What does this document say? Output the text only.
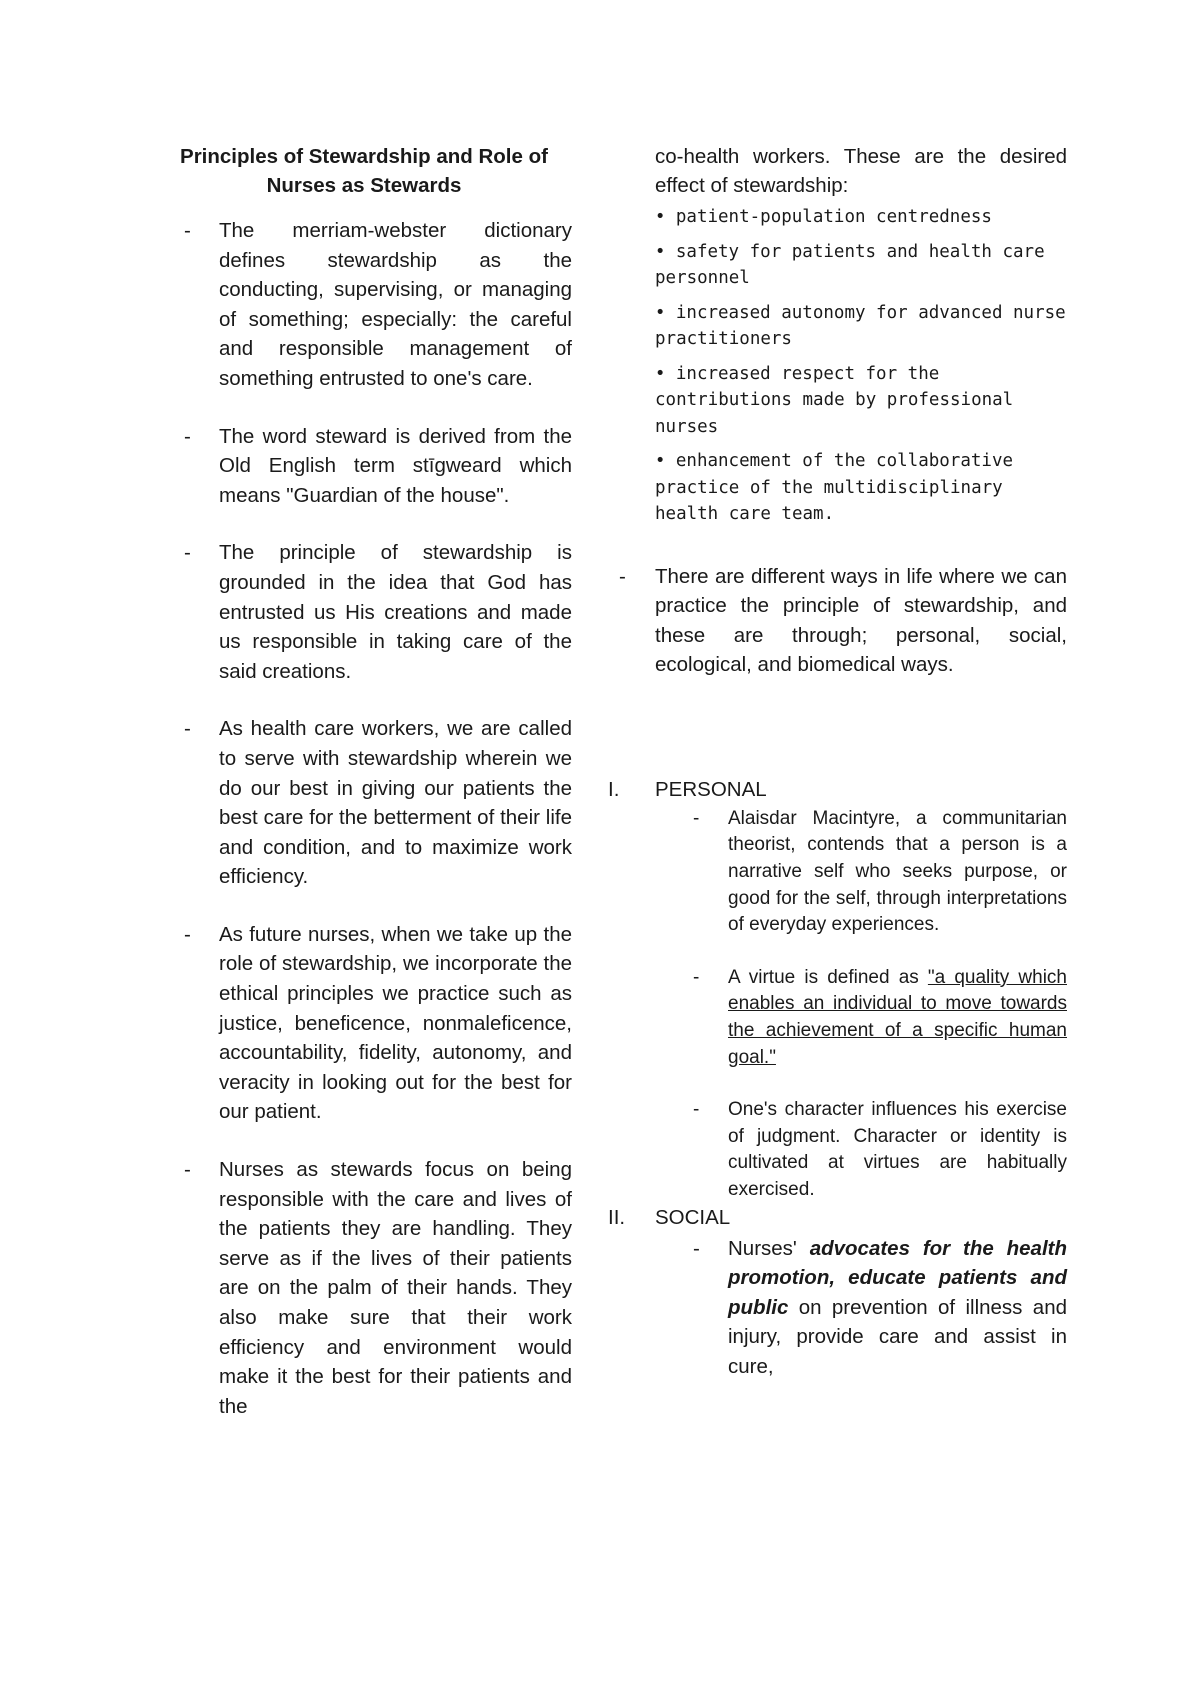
Principles of Stewardship and Role of Nurses as Stewards
- The merriam-webster dictionary defines stewardship as the conducting, supervising, or managing of something; especially: the careful and responsible management of something entrusted to one's care.
- The word steward is derived from the Old English term stīgweard which means "Guardian of the house".
- The principle of stewardship is grounded in the idea that God has entrusted us His creations and made us responsible in taking care of the said creations.
- As health care workers, we are called to serve with stewardship wherein we do our best in giving our patients the best care for the betterment of their life and condition, and to maximize work efficiency.
- As future nurses, when we take up the role of stewardship, we incorporate the ethical principles we practice such as justice, beneficence, nonmaleficence, accountability, fidelity, autonomy, and veracity in looking out for the best for our patient.
- Nurses as stewards focus on being responsible with the care and lives of the patients they are handling. They serve as if the lives of their patients are on the palm of their hands. They also make sure that their work efficiency and environment would make it the best for their patients and the

co-health workers. These are the desired effect of stewardship:

• patient-population centredness
• safety for patients and health care personnel
• increased autonomy for advanced nurse practitioners
• increased respect for the contributions made by professional nurses
• enhancement of the collaborative practice of the multidisciplinary health care team.

- There are different ways in life where we can practice the principle of stewardship, and these are through; personal, social, ecological, and biomedical ways.

I. PERSONAL
- Alaisdar Macintyre, a communitarian theorist, contends that a person is a narrative self who seeks purpose, or good for the self, through interpretations of everyday experiences.
- A virtue is defined as "a quality which enables an individual to move towards the achievement of a specific human goal."
- One's character influences his exercise of judgment. Character or identity is cultivated at virtues are habitually exercised.
II. SOCIAL
- Nurses' advocates for the health promotion, educate patients and public on prevention of illness and injury, provide care and assist in cure,
